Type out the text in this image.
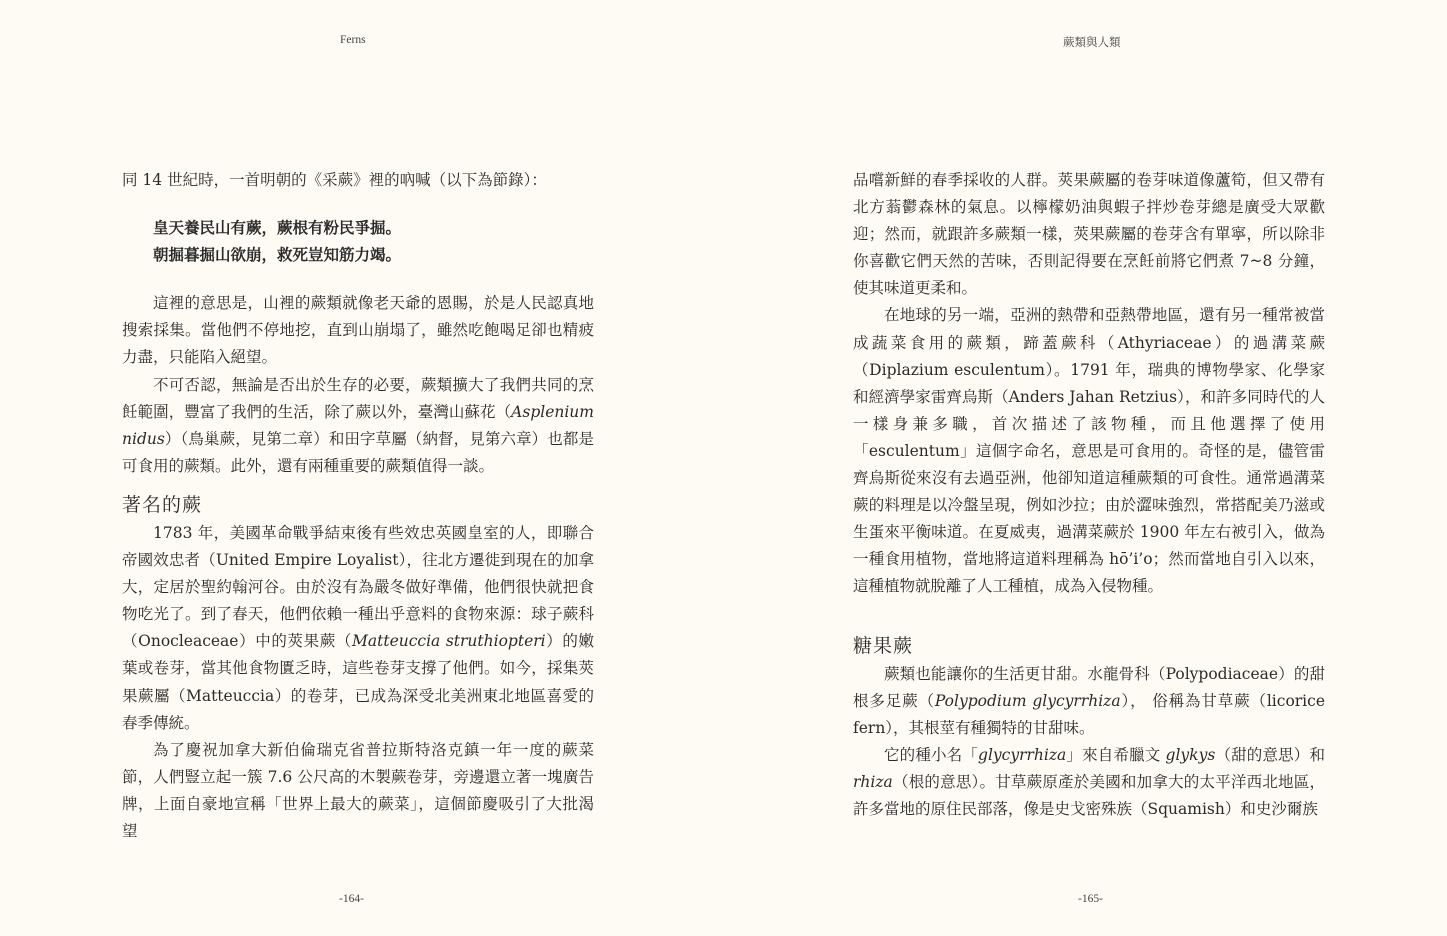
Ferns

同 14 世紀時，一首明朝的《采蕨》裡的吶喊（以下為節錄）：

皇天養民山有蕨，蕨根有粉民爭掘。

朝掘暮掘山欲崩，救死豈知筋力竭。

這裡的意思是，山裡的蕨類就像老天爺的恩賜，於是人民認真地搜索採集。當他們不停地挖，直到山崩塌了，雖然吃飽喝足卻也精疲力盡，只能陷入絕望。

不可否認，無論是否出於生存的必要，蕨類擴大了我們共同的烹飪範圍，豐富了我們的生活，除了蕨以外，臺灣山蘇花（Asplenium nidus）（鳥巢蕨，見第二章）和田字草屬（納督，見第六章）也都是可食用的蕨類。此外，還有兩種重要的蕨類值得一談。

著名的蕨

1783 年，美國革命戰爭結束後有些效忠英國皇室的人，即聯合帝國效忠者（United Empire Loyalist），往北方遷徙到現在的加拿大，定居於聖約翰河谷。由於沒有為嚴冬做好準備，他們很快就把食物吃光了。到了春天，他們依賴一種出乎意料的食物來源：球子蕨科（Onocleaceae）中的莢果蕨（Matteuccia struthiopteri）的嫩葉或卷芽，當其他食物匱乏時，這些卷芽支撐了他們。如今，採集莢果蕨屬（Matteuccia）的卷芽，已成為深受北美洲東北地區喜愛的春季傳統。

為了慶祝加拿大新伯倫瑞克省普拉斯特洛克鎮一年一度的蕨菜節，人們豎立起一簇 7.6 公尺高的木製蕨卷芽，旁邊還立著一塊廣告牌，上面自豪地宣稱「世界上最大的蕨菜」，這個節慶吸引了大批渴望

-164-
蕨類與人類

品嚐新鮮的春季採收的人群。莢果蕨屬的卷芽味道像蘆筍，但又帶有北方蓊鬱森林的氣息。以檸檬奶油與蝦子拌炒卷芽總是廣受大眾歡迎；然而，就跟許多蕨類一樣，莢果蕨屬的卷芽含有單寧，所以除非你喜歡它們天然的苦味，否則記得要在烹飪前將它們煮 7~8 分鐘，使其味道更柔和。

在地球的另一端，亞洲的熱帶和亞熱帶地區，還有另一種常被當成蔬菜食用的蕨類，蹄蓋蕨科（Athyriaceae）的過溝菜蕨（Diplazium esculentum）。1791 年，瑞典的博物學家、化學家和經濟學家雷齊烏斯（Anders Jahan Retzius），和許多同時代的人一樣身兼多職，首次描述了該物種，而且他選擇了使用「esculentum」這個字命名，意思是可食用的。奇怪的是，儘管雷齊烏斯從來沒有去過亞洲，他卻知道這種蕨類的可食性。通常過溝菜蕨的料理是以冷盤呈現，例如沙拉；由於澀味強烈，常搭配美乃滋或生蛋來平衡味道。在夏威夷，過溝菜蕨於 1900 年左右被引入，做為一種食用植物，當地將這道料理稱為 hō’i’o；然而當地自引入以來，這種植物就脫離了人工種植，成為入侵物種。

糖果蕨

蕨類也能讓你的生活更甘甜。水龍骨科（Polypodiaceae）的甜根多足蕨（Polypodium glycyrrhiza）， 俗稱為甘草蕨（licorice fern），其根莖有種獨特的甘甜味。

它的種小名「glycyrrhiza」來自希臘文 glykys（甜的意思）和 rhiza（根的意思）。甘草蕨原產於美國和加拿大的太平洋西北地區，許多當地的原住民部落，像是史戈密殊族（Squamish）和史沙爾族

-165-
